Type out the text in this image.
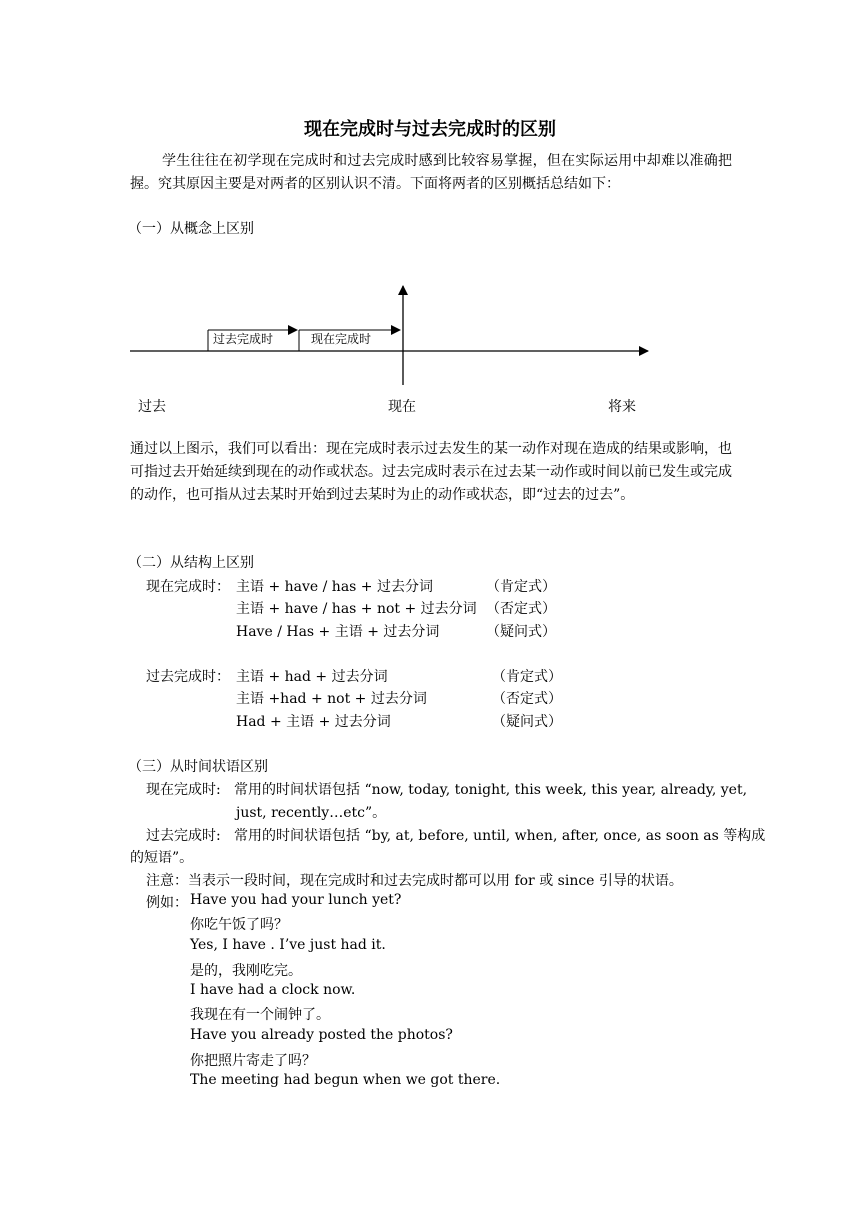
现在完成时与过去完成时的区别
学生往往在初学现在完成时和过去完成时感到比较容易掌握，但在实际运用中却难以准确把握。究其原因主要是对两者的区别认识不清。下面将两者的区别概括总结如下：
（一）从概念上区别
过去完成时	现在完成时
过去	现在	将来
通过以上图示，我们可以看出：现在完成时表示过去发生的某一动作对现在造成的结果或影响，也可指过去开始延续到现在的动作或状态。过去完成时表示在过去某一动作或时间以前已发生或完成的动作，也可指从过去某时开始到过去某时为止的动作或状态，即“过去的过去”。
（二）从结构上区别
现在完成时： 主语 + have / has + 过去分词	（肯定式）
主语 + have / has + not + 过去分词 （否定式）
Have / Has + 主语 + 过去分词	（疑问式）
过去完成时： 主语 + had + 过去分词	（肯定式）
主语 +had + not + 过去分词	（否定式）
Had + 主语 + 过去分词	（疑问式）
（三）从时间状语区别
现在完成时: 常用的时间状语包括 “now, today, tonight, this week, this year, already, yet,
just, recently…etc”。
过去完成时: 常用的时间状语包括 “by, at, before, until, when, after, once, as soon as 等构成
的短语”。
注意：当表示一段时间，现在完成时和过去完成时都可以用 for 或 since 引导的状语。
例如： Have you had your lunch yet?
你吃午饭了吗？
Yes, I have . I’ve just had it.
是的，我刚吃完。
I have had a clock now.
我现在有一个闹钟了。
Have you already posted the photos?
你把照片寄走了吗？
The meeting had begun when we got there.
